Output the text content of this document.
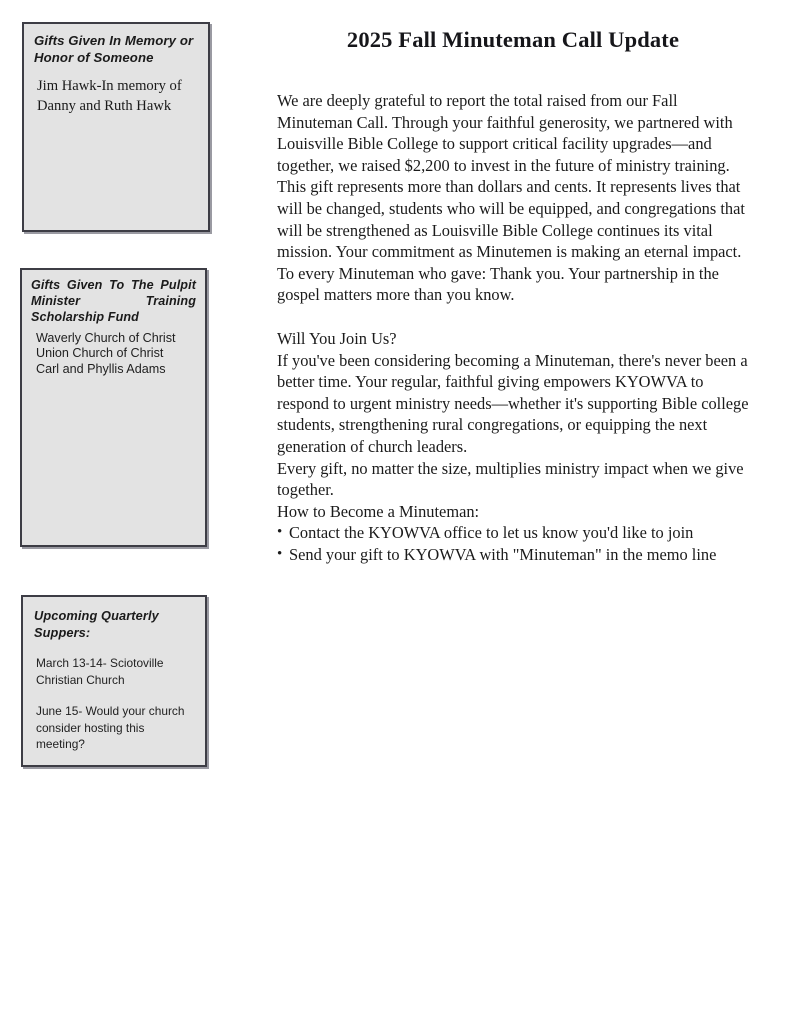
Gifts Given In Memory or Honor of Someone
Jim Hawk-In memory of Danny and Ruth Hawk
Gifts Given To The Pulpit Minister Training Scholarship Fund
Waverly Church of Christ
Union Church of Christ
Carl and Phyllis Adams
Upcoming Quarterly Suppers:
March 13-14- Sciotoville Christian Church
June 15- Would your church consider hosting this meeting?
2025 Fall Minuteman Call Update

We are deeply grateful to report the total raised from our Fall Minuteman Call. Through your faithful generosity, we partnered with Louisville Bible College to support critical facility upgrades—and together, we raised $2,200 to invest in the future of ministry training. This gift represents more than dollars and cents. It represents lives that will be changed, students who will be equipped, and congregations that will be strengthened as Louisville Bible College continues its vital mission. Your commitment as Minutemen is making an eternal impact. To every Minuteman who gave: Thank you. Your partnership in the gospel matters more than you know.

Will You Join Us?

If you've been considering becoming a Minuteman, there's never been a better time. Your regular, faithful giving empowers KYOWVA to respond to urgent ministry needs—whether it's supporting Bible college students, strengthening rural congregations, or equipping the next generation of church leaders.

Every gift, no matter the size, multiplies ministry impact when we give together.

How to Become a Minuteman:

• Contact the KYOWVA office to let us know you'd like to join
• Send your gift to KYOWVA with "Minuteman" in the memo line
